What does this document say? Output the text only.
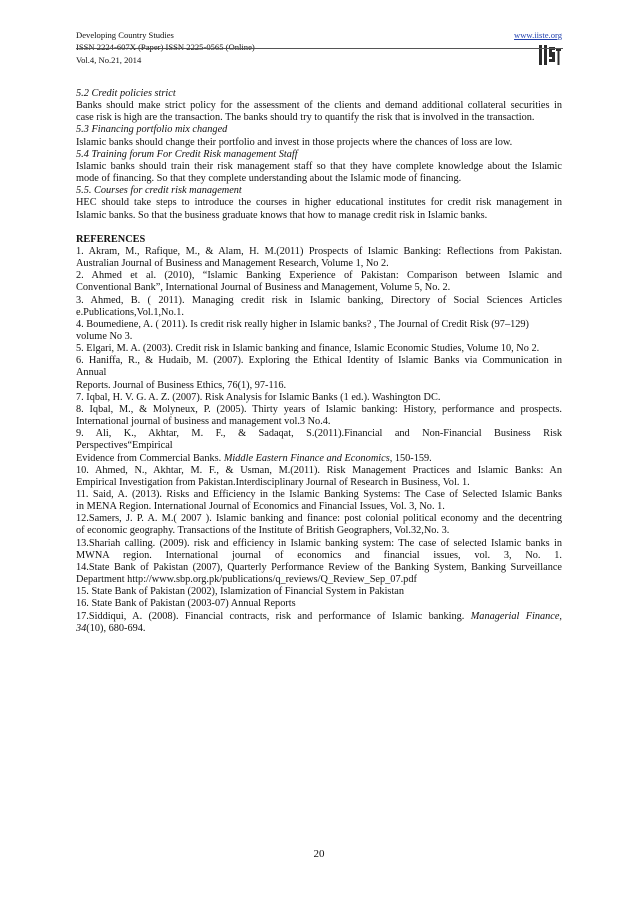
Developing Country Studies
ISSN 2224-607X (Paper) ISSN 2225-0565 (Online)
Vol.4, No.21, 2014
www.iiste.org

5.2 Credit policies strict

Banks should make strict policy for the assessment of the clients and demand additional collateral securities in

case risk is high are the transaction. The banks should try to quantify the risk that is involved in the transaction.

5.3 Financing portfolio mix changed

Islamic banks should change their portfolio and invest in those projects where the chances of loss are low.

5.4 Training forum For Credit Risk management Staff

Islamic banks should train their risk management staff so that they have complete knowledge about the Islamic

mode of financing. So that they complete understanding about the Islamic mode of financing.

5.5. Courses for credit risk management

HEC should take steps to introduce the courses in higher educational institutes for credit risk management in

Islamic banks. So that the business graduate knows that how to manage credit risk in Islamic banks.

REFERENCES

1. Akram, M., Rafique, M., & Alam, H. M.(2011) Prospects of Islamic Banking: Reflections from Pakistan.

Australian Journal of Business and Management Research, Volume 1, No 2.

2. Ahmed et al. (2010), “Islamic Banking Experience of Pakistan: Comparison between Islamic and

Conventional Bank”, International Journal of Business and Management, Volume 5, No. 2.

3. Ahmed, B. ( 2011). Managing credit risk in Islamic banking, Directory of Social Sciences Articles

e.Publications,Vol.1,No.1.

4. Boumediene, A. ( 2011). Is credit risk really higher in Islamic banks? , The Journal of Credit Risk (97–129)

volume No 3.

5. Elgari, M. A. (2003). Credit risk in Islamic banking and finance, Islamic Economic Studies, Volume 10, No 2.

6. Haniffa, R., & Hudaib, M. (2007). Exploring the Ethical Identity of Islamic Banks via Communication in

Annual

Reports. Journal of Business Ethics, 76(1), 97-116.

7. Iqbal, H. V. G. A. Z. (2007). Risk Analysis for Islamic Banks (1 ed.). Washington DC.

8. Iqbal, M., & Molyneux, P. (2005). Thirty years of Islamic banking: History, performance and prospects.

International journal of business and management vol.3 No.4.

9. Ali, K., Akhtar, M. F., & Sadaqat, S.(2011).Financial and Non-Financial Business Risk

Perspectives“Empirical

Evidence from Commercial Banks. Middle Eastern Finance and Economics, 150-159.

10. Ahmed, N., Akhtar, M. F., & Usman, M.(2011). Risk Management Practices and Islamic Banks: An

Empirical Investigation from Pakistan.Interdisciplinary Journal of Research in Business, Vol. 1.

11. Said, A. (2013). Risks and Efficiency in the Islamic Banking Systems: The Case of Selected Islamic Banks

in MENA Region. International Journal of Economics and Financial Issues, Vol. 3, No. 1.

12.Samers, J. P. A. M.( 2007 ). Islamic banking and finance: post colonial political economy and the decentring

of economic geography. Transactions of the Institute of British Geographers, Vol.32,No. 3.

13.Shariah calling. (2009). risk and efficiency in Islamic banking system: The case of selected Islamic banks in

MWNA region. International journal of economics and financial issues, vol. 3, No. 1.

14.State Bank of Pakistan (2007), Quarterly Performance Review of the Banking System, Banking Surveillance

Department http://www.sbp.org.pk/publications/q_reviews/Q_Review_Sep_07.pdf

15. State Bank of Pakistan (2002), Islamization of Financial System in Pakistan

16. State Bank of Pakistan (2003-07) Annual Reports

17.Siddiqui, A. (2008). Financial contracts, risk and performance of Islamic banking. Managerial Finance,

34(10), 680-694.

20
